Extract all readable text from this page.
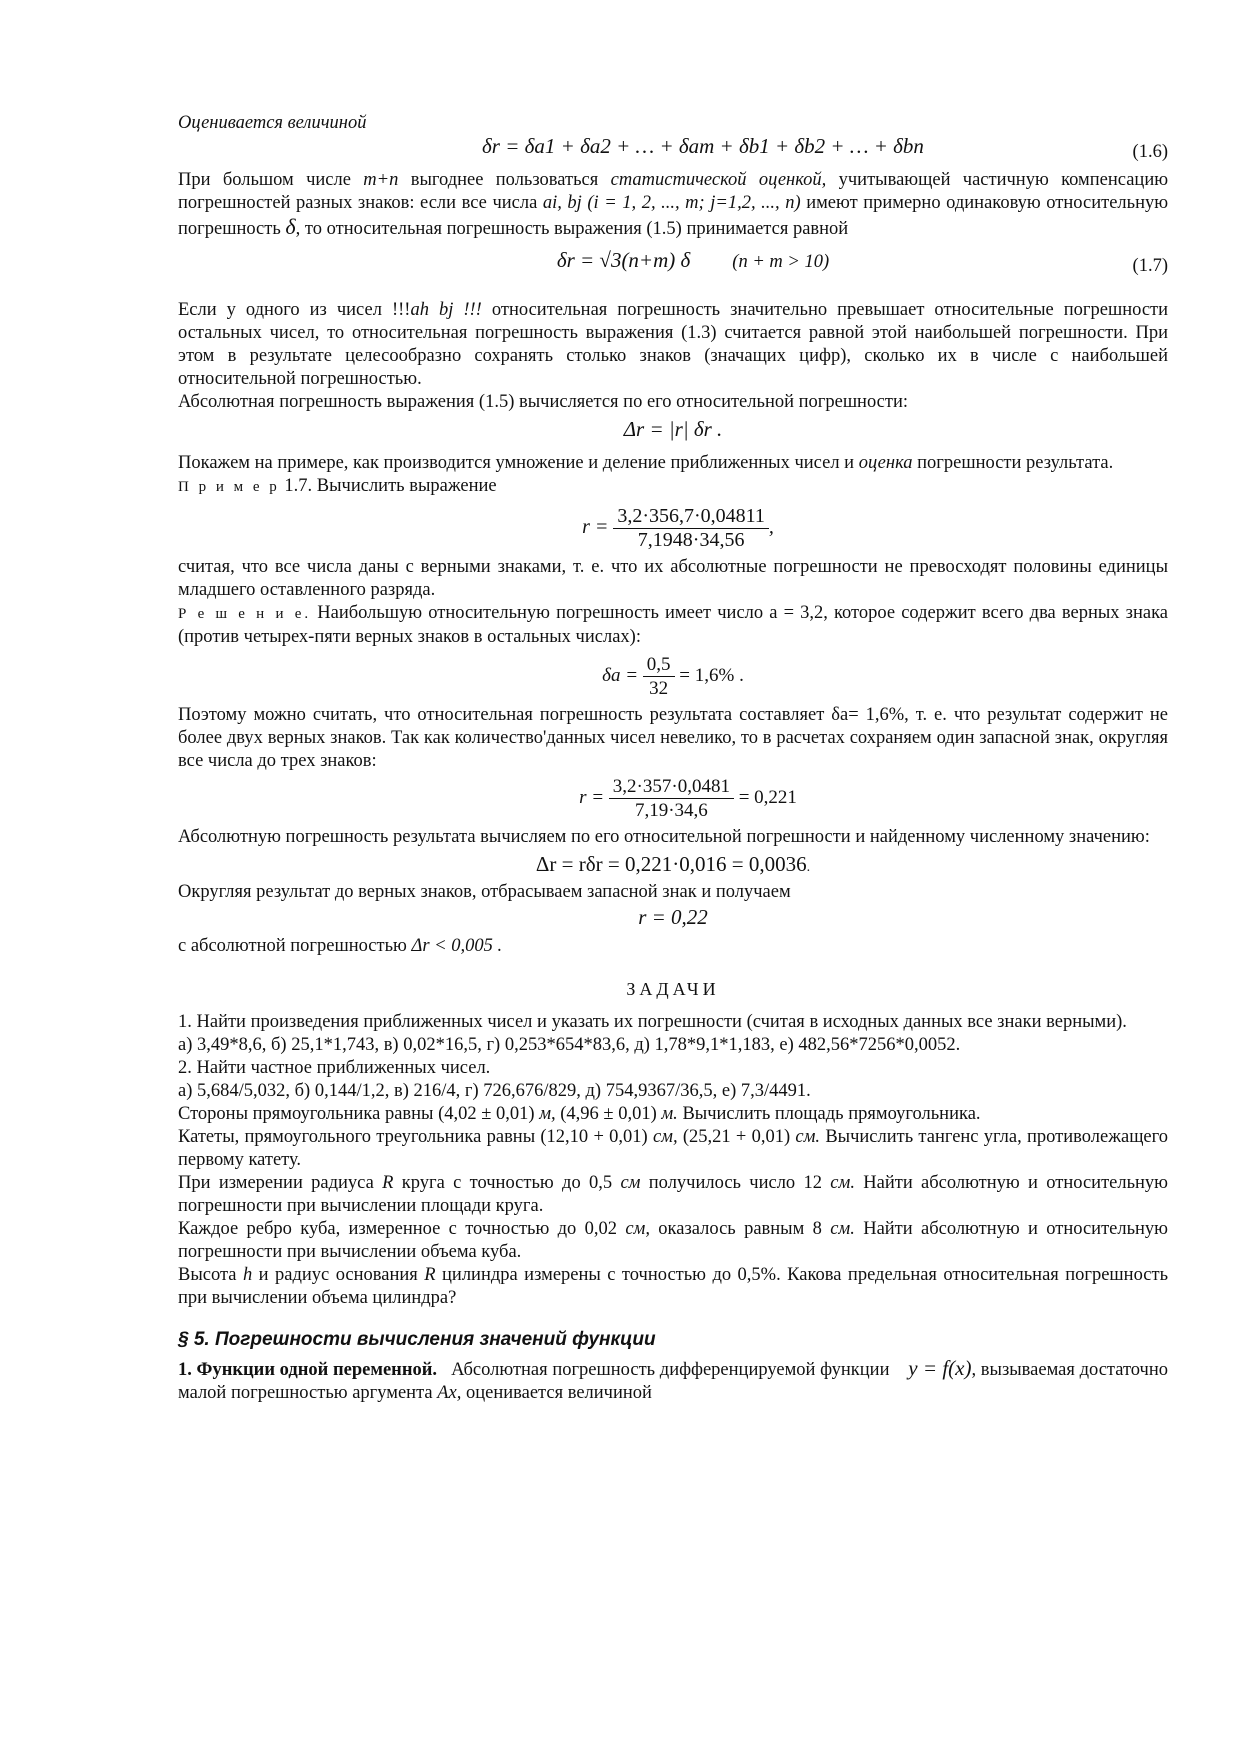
Оценивается величиной

δr = δa1 + δa2 + … + δam + δb1 + δb2 + … + δbn	(1.6)

При большом числе m+n выгоднее пользоваться статистической оценкой, учитывающей частичную компенсацию погрешностей разных знаков: если все числа ai, bj (i = 1, 2, ..., m; j=1,2, ..., n) имеют примерно одинаковую относительную погрешность δ, то относительная погрешность выражения (1.5) принимается равной

δr = √3(n+m) δ (n + m > 10)	(1.7)

Если у одного из чисел !!!ah bj !!! относительная погрешность значительно превышает относительные погрешности остальных чисел, то относительная погрешность выражения (1.3) считается равной этой наибольшей погрешности. При этом в результате целесообразно сохранять столько знаков (значащих цифр), сколько их в числе с наибольшей относительной погрешностью.

Абсолютная погрешность выражения (1.5) вычисляется по его относительной погрешности:

Δr = |r| δr .

Покажем на примере, как производится умножение и деление приближенных чисел и оценка погрешности результата.

П р и м е р 1.7. Вычислить выражение

$r = \frac{3,2\cdot 356,7\cdot 0,04811}{7,1948\cdot 34,56}$ ,

считая, что все числа даны с верными знаками, т. е. что их абсолютные погрешности не превосходят половины единицы младшего оставленного разряда.

Р е ш е н и е. Наибольшую относительную погрешность имеет число а = 3,2, которое содержит всего два верных знака (против четырех-пяти верных знаков в остальных числах):

$\delta a = \frac{0,5}{32} = 1,6\%$ .

Поэтому можно считать, что относительная погрешность результата составляет δa= 1,6%, т. е. что результат содержит не более двух верных знаков. Так как количество'данных чисел невелико, то в расчетах сохраняем один запасной знак, округляя все числа до трех знаков:

$r = \frac{3,2\cdot 357\cdot 0,0481}{7,19\cdot 34,6} = 0,221$

Абсолютную погрешность результата вычисляем по его относительной погрешности и найденному численному значению:

Δr = rδr = 0,221·0,016 = 0,0036.

Округляя результат до верных знаков, отбрасываем запасной знак и получаем

r = 0,22

с абсолютной погрешностью Δr < 0,005 .

ЗАДАЧИ

1. Найти произведения приближенных чисел и указать их погрешности (считая в исходных данных все знаки верными).

а) 3,49*8,6, б) 25,1*1,743, в) 0,02*16,5, г) 0,253*654*83,6, д) 1,78*9,1*1,183, е) 482,56*7256*0,0052.

2. Найти частное приближенных чисел.

а) 5,684/5,032, б) 0,144/1,2, в) 216/4, г) 726,676/829, д) 754,9367/36,5, е) 7,3/4491.

Стороны прямоугольника равны (4,02 ± 0,01) м, (4,96 ± 0,01) м. Вычислить площадь прямоугольника.

Катеты, прямоугольного треугольника равны (12,10 + 0,01) см, (25,21 + 0,01) см. Вычислить тангенс угла, противолежащего первому катету.

При измерении радиуса R круга с точностью до 0,5 см получилось число 12 см. Найти абсолютную и относительную погрешности при вычислении площади круга.

Каждое ребро куба, измеренное с точностью до 0,02 см, оказалось равным 8 см. Найти абсолютную и относительную погрешности при вычислении объема куба.

Высота h и радиус основания R цилиндра измерены с точностью до 0,5%. Какова предельная относительная погрешность при вычислении объема цилиндра?

§ 5. Погрешности вычисления значений функции

1. Функции одной переменной. Абсолютная погрешность дифференцируемой функции y = f(x), вызываемая достаточно малой погрешностью аргумента Ax, оценивается величиной
